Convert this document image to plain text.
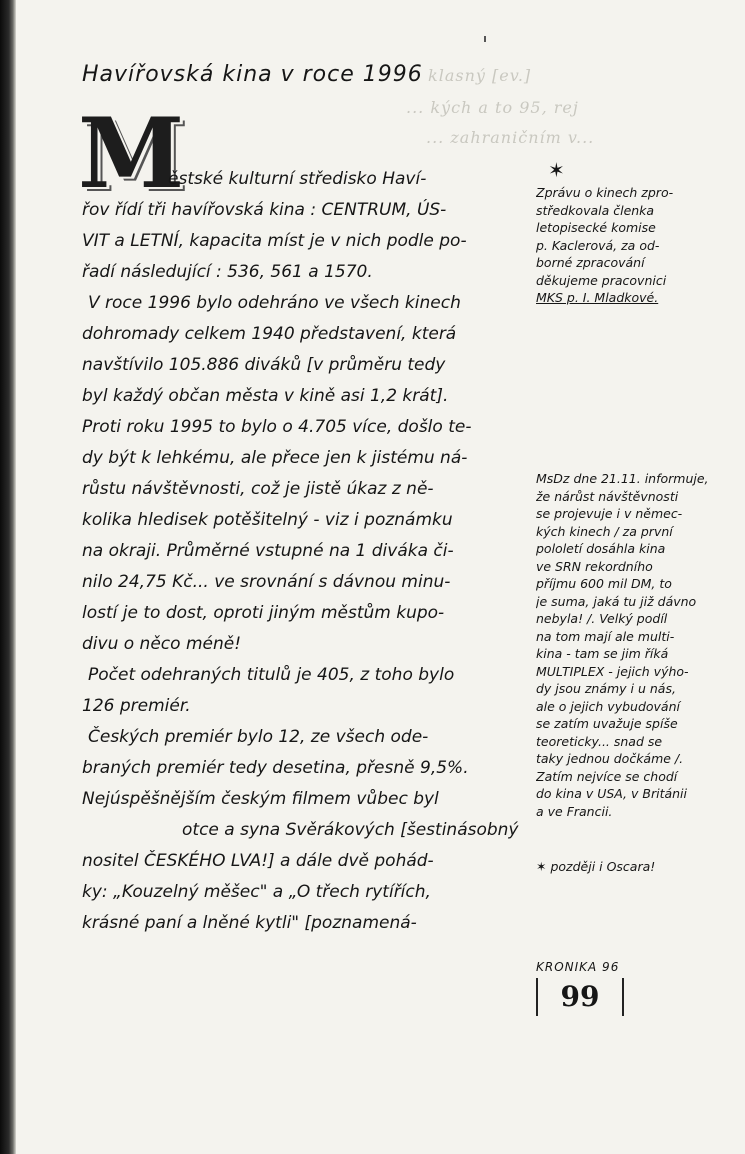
klasný [ev.]
... kých a to 95, rej
... zahraničním v...
Havířovská kina v roce 1996
M
ěstské kulturní středisko Haví-
řov řídí tři havířovská kina : CENTRUM, ÚS-
VIT a LETNÍ, kapacita míst je v nich podle po-
řadí následující : 536, 561 a 1570.
V roce 1996 bylo odehráno ve všech kinech
dohromady celkem 1940 představení, která
navštívilo 105.886 diváků [v průměru tedy
byl každý občan města v kině asi 1,2 krát].
Proti roku 1995 to bylo o 4.705 více, došlo te-
dy být k lehkému, ale přece jen k jistému ná-
růstu návštěvnosti, což je jistě úkaz z ně-
kolika hledisek potěšitelný - viz i poznámku
na okraji. Průměrné vstupné na 1 diváka či-
nilo 24,75 Kč... ve srovnání s dávnou minu-
lostí je to dost, oproti jiným městům kupo-
divu o něco méně!
Počet odehraných titulů je 405, z toho bylo
126 premiér.
Českých premiér bylo 12, ze všech ode-
braných premiér tedy desetina, přesně 9,5%.
Nejúspěšnějším českým filmem vůbec byl
otce a syna Svěrákových [šestinásobný
nositel ČESKÉHO LVA!] a dále dvě pohád-
ky: „Kouzelný měšec" a „O třech rytířích,
krásné paní a lněné kytli" [poznamená-
✶
Zprávu o kinech zpro-
středkovala členka
letopisecké komise
p. Kaclerová, za od-
borné zpracování
děkujeme pracovnici
MKS p. I. Mladkové.
MsDz dne 21.11. informuje,
že nárůst návštěvnosti
se projevuje i v němec-
kých kinech / za první
pololetí dosáhla kina
ve SRN rekordního
příjmu 600 mil DM, to
je suma, jaká tu již dávno
nebyla! /. Velký podíl
na tom mají ale multi-
kina - tam se jim říká
MULTIPLEX - jejich výho-
dy jsou známy i u nás,
ale o jejich vybudování
se zatím uvažuje spíše
teoreticky... snad se
taky jednou dočkáme /.
Zatím nejvíce se chodí
do kina v USA, v Británii
a ve Francii.
✶ později i Oscara!
KRONIKA 96
99
